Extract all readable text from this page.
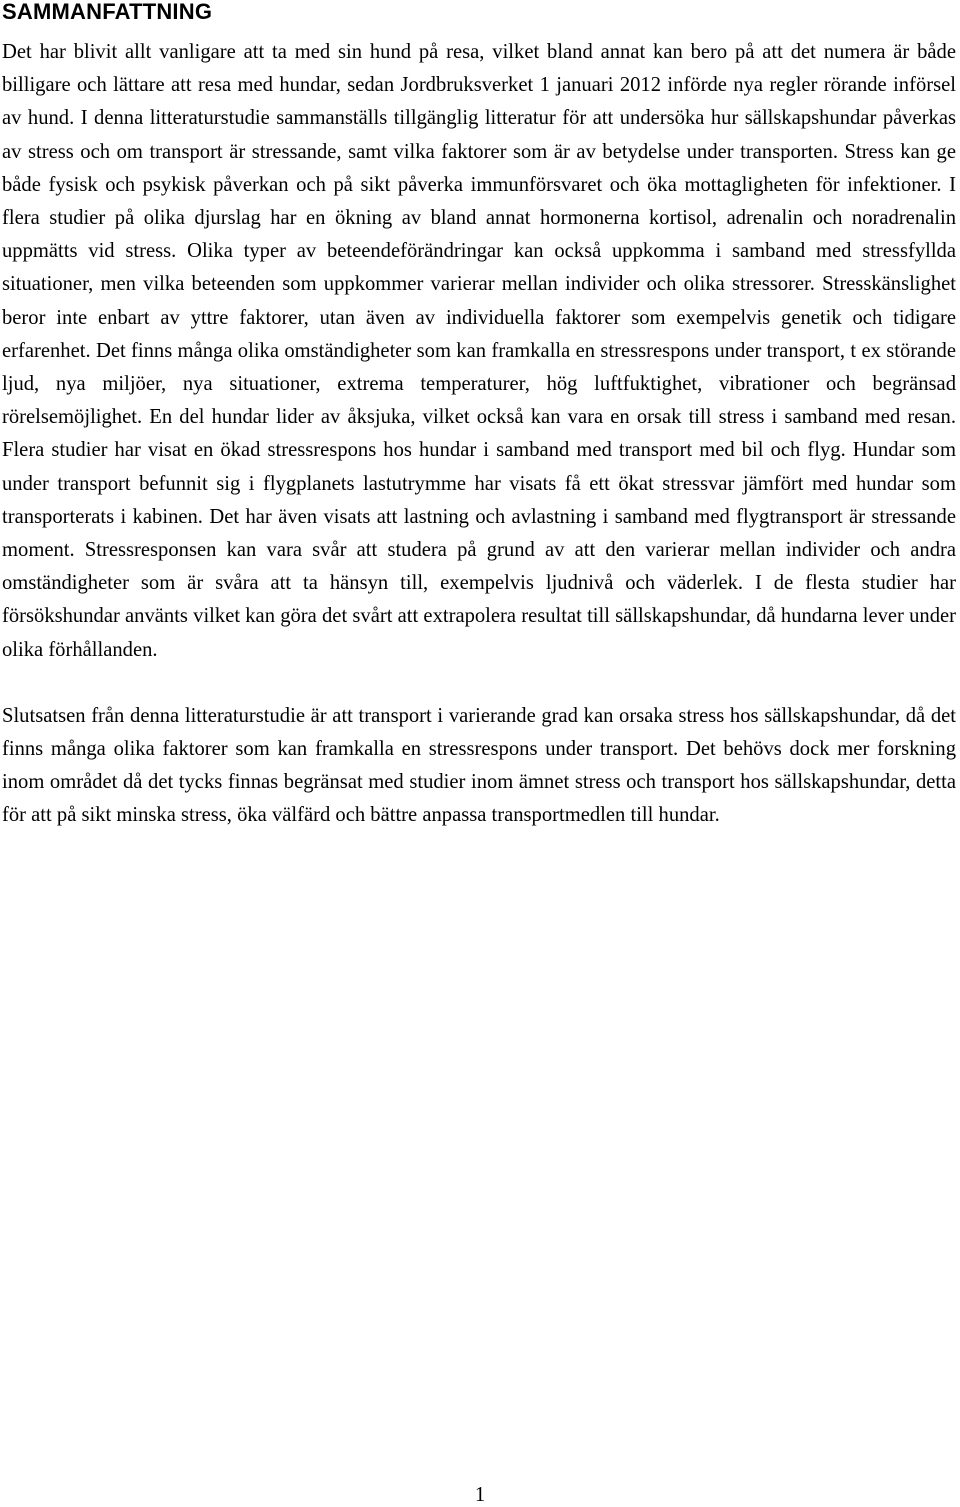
SAMMANFATTNING

Det har blivit allt vanligare att ta med sin hund på resa, vilket bland annat kan bero på att det numera är både billigare och lättare att resa med hundar, sedan Jordbruksverket 1 januari 2012 införde nya regler rörande införsel av hund. I denna litteraturstudie sammanställs tillgänglig litteratur för att undersöka hur sällskapshundar påverkas av stress och om transport är stressande, samt vilka faktorer som är av betydelse under transporten. Stress kan ge både fysisk och psykisk påverkan och på sikt påverka immunförsvaret och öka mottagligheten för infektioner. I flera studier på olika djurslag har en ökning av bland annat hormonerna kortisol, adrenalin och noradrenalin uppmätts vid stress. Olika typer av beteendeförändringar kan också uppkomma i samband med stressfyllda situationer, men vilka beteenden som uppkommer varierar mellan individer och olika stressorer. Stresskänslighet beror inte enbart av yttre faktorer, utan även av individuella faktorer som exempelvis genetik och tidigare erfarenhet. Det finns många olika omständigheter som kan framkalla en stressrespons under transport, t ex störande ljud, nya miljöer, nya situationer, extrema temperaturer, hög luftfuktighet, vibrationer och begränsad rörelsemöjlighet. En del hundar lider av åksjuka, vilket också kan vara en orsak till stress i samband med resan. Flera studier har visat en ökad stressrespons hos hundar i samband med transport med bil och flyg. Hundar som under transport befunnit sig i flygplanets lastutrymme har visats få ett ökat stressvar jämfört med hundar som transporterats i kabinen. Det har även visats att lastning och avlastning i samband med flygtransport är stressande moment. Stressresponsen kan vara svår att studera på grund av att den varierar mellan individer och andra omständigheter som är svåra att ta hänsyn till, exempelvis ljudnivå och väderlek. I de flesta studier har försökshundar använts vilket kan göra det svårt att extrapolera resultat till sällskapshundar, då hundarna lever under olika förhållanden.

Slutsatsen från denna litteraturstudie är att transport i varierande grad kan orsaka stress hos sällskapshundar, då det finns många olika faktorer som kan framkalla en stressrespons under transport. Det behövs dock mer forskning inom området då det tycks finnas begränsat med studier inom ämnet stress och transport hos sällskapshundar, detta för att på sikt minska stress, öka välfärd och bättre anpassa transportmedlen till hundar.

1
